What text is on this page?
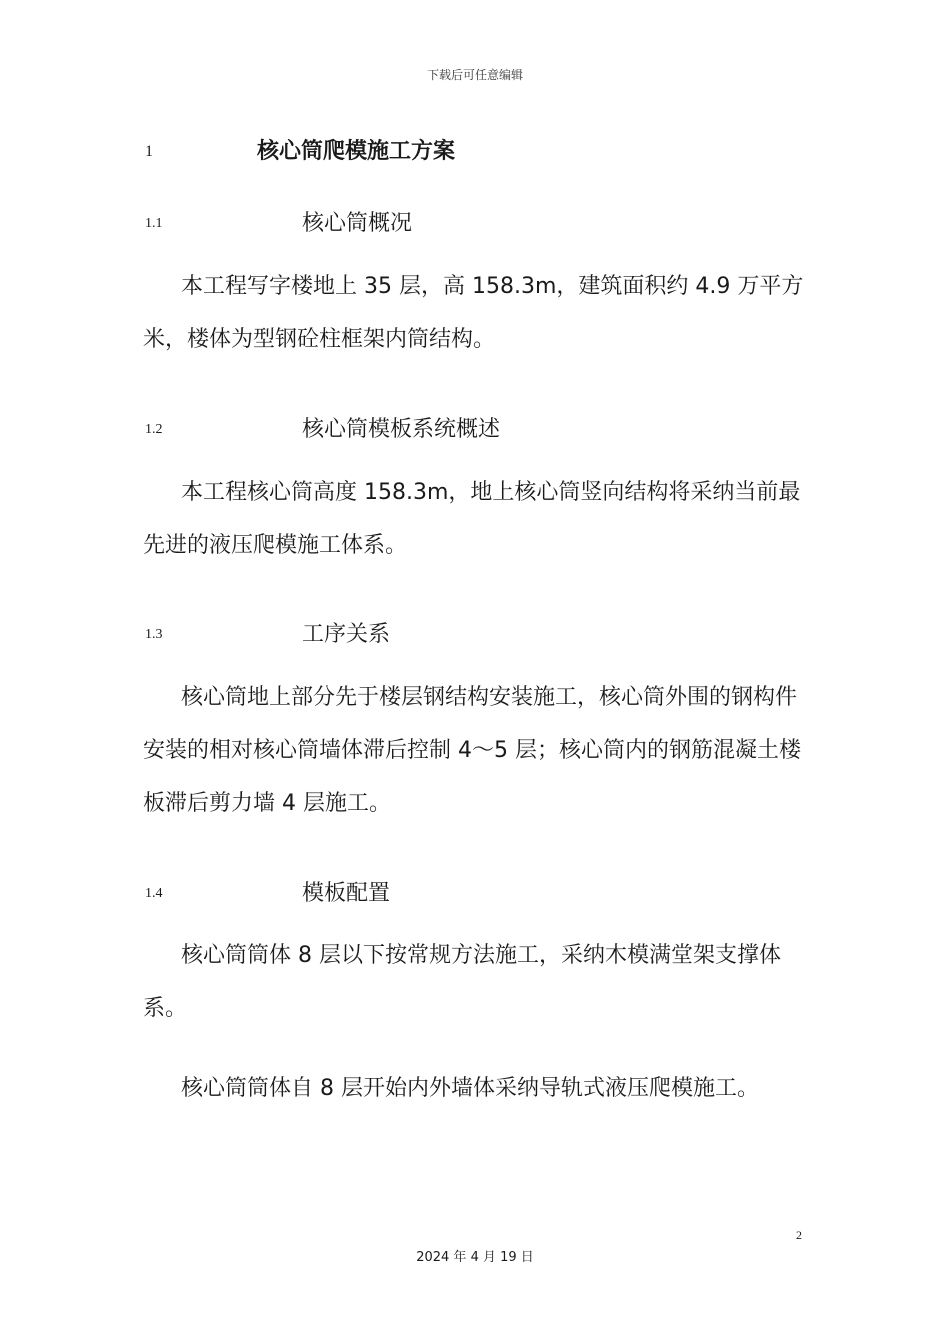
下载后可任意编辑
1	核心筒爬模施工方案
1.1	核心筒概况

本工程写字楼地上 35 层，高 158.3m，建筑面积约 4.9 万平方米，楼体为型钢砼柱框架内筒结构。

1.2	核心筒模板系统概述

本工程核心筒高度 158.3m，地上核心筒竖向结构将采纳当前最先进的液压爬模施工体系。

1.3	工序关系

核心筒地上部分先于楼层钢结构安装施工，核心筒外围的钢构件安装的相对核心筒墙体滞后控制 4～5 层；核心筒内的钢筋混凝土楼板滞后剪力墙 4 层施工。

1.4	模板配置

核心筒筒体 8 层以下按常规方法施工，采纳木模满堂架支撑体系。

核心筒筒体自 8 层开始内外墙体采纳导轨式液压爬模施工。

2
2024 年 4 月 19 日
